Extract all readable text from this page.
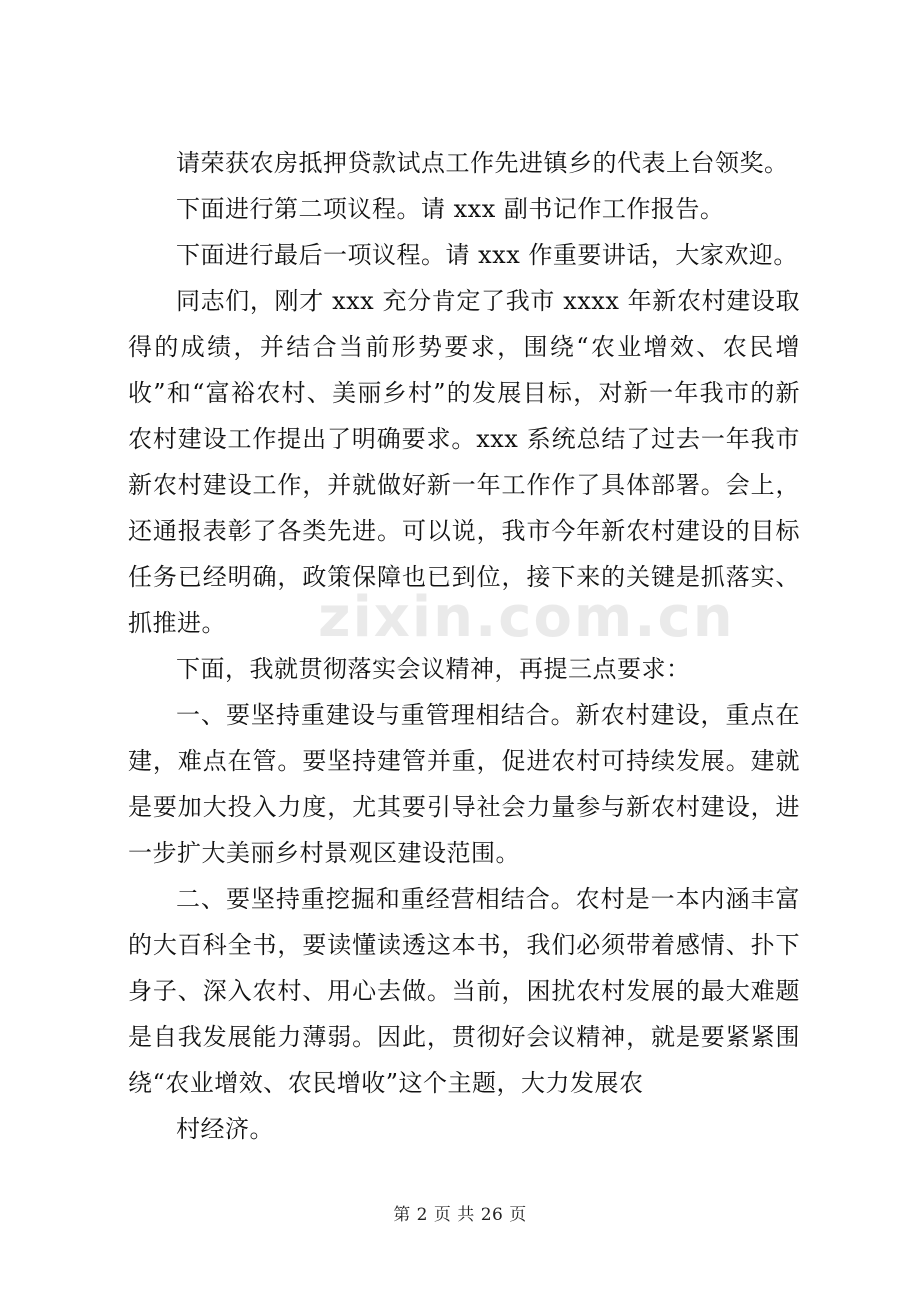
请荣获农房抵押贷款试点工作先进镇乡的代表上台领奖。

下面进行第二项议程。请 xxx 副书记作工作报告。

下面进行最后一项议程。请 xxx 作重要讲话，大家欢迎。

同志们，刚才 xxx 充分肯定了我市 xxxx 年新农村建设取得的成绩，并结合当前形势要求，围绕“农业增效、农民增收”和“富裕农村、美丽乡村”的发展目标，对新一年我市的新农村建设工作提出了明确要求。xxx 系统总结了过去一年我市新农村建设工作，并就做好新一年工作作了具体部署。会上，还通报表彰了各类先进。可以说，我市今年新农村建设的目标任务已经明确，政策保障也已到位，接下来的关键是抓落实、抓推进。

下面，我就贯彻落实会议精神，再提三点要求：

一、要坚持重建设与重管理相结合。新农村建设，重点在建，难点在管。要坚持建管并重，促进农村可持续发展。建就是要加大投入力度，尤其要引导社会力量参与新农村建设，进一步扩大美丽乡村景观区建设范围。

二、要坚持重挖掘和重经营相结合。农村是一本内涵丰富的大百科全书，要读懂读透这本书，我们必须带着感情、扑下身子、深入农村、用心去做。当前，困扰农村发展的最大难题是自我发展能力薄弱。因此，贯彻好会议精神，就是要紧紧围绕“农业增效、农民增收”这个主题，大力发展农

村经济。

zixin.com.cn
第 2 页 共 26 页
